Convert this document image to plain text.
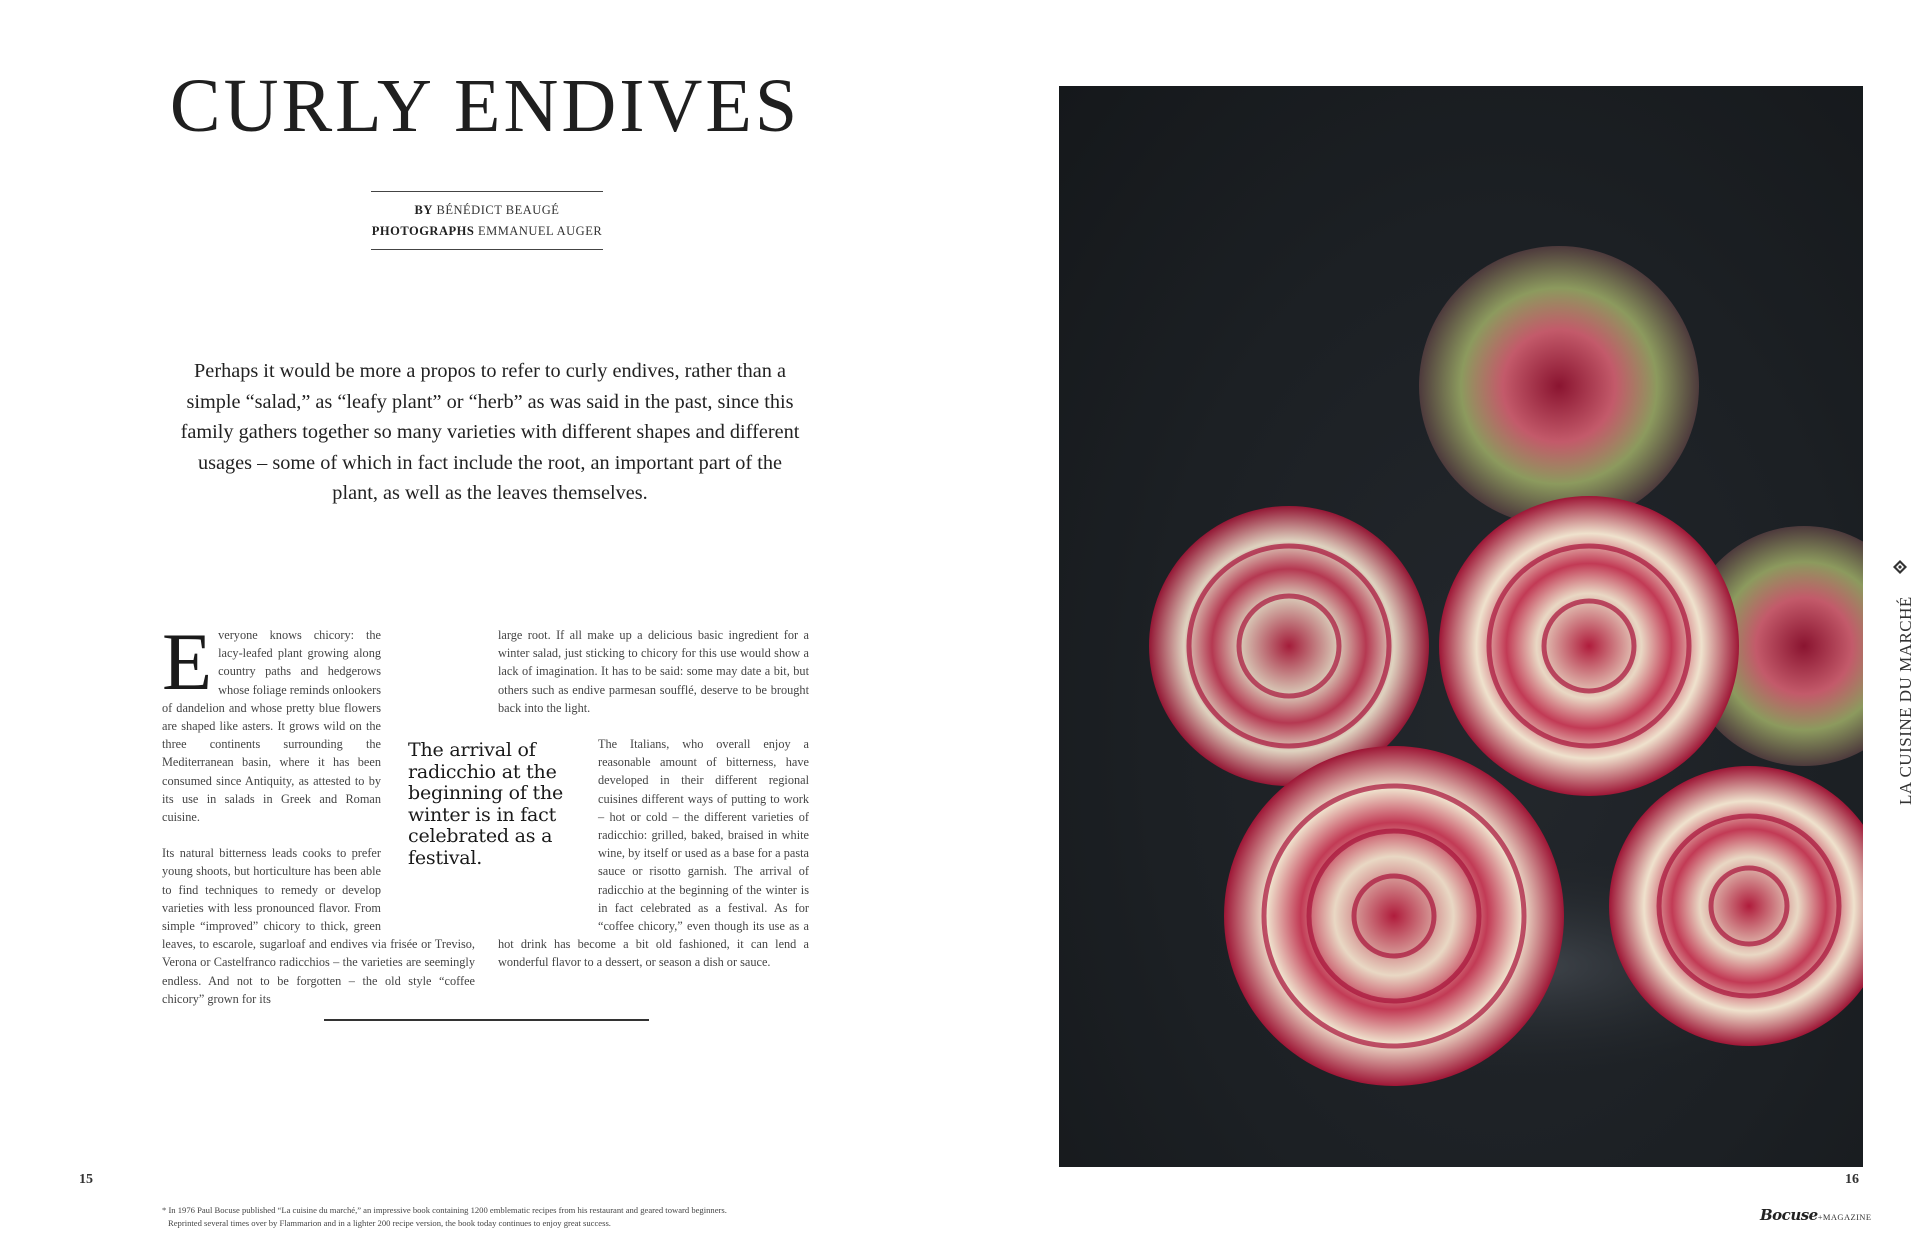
CURLY ENDIVES
BY BÉNÉDICT BEAUGÉ
PHOTOGRAPHS EMMANUEL AUGER

Perhaps it would be more a propos to refer to curly endives, rather than a simple “salad,” as “leafy plant” or “herb” as was said in the past, since this family gathers together so many varieties with different shapes and different usages – some of which in fact include the root, an important part of the plant, as well as the leaves themselves.

E veryone knows chicory: the lacy-leafed plant growing along country paths and hedgerows whose foliage reminds onlookers of dandelion and whose pretty blue flowers are shaped like asters. It grows wild on the three continents surrounding the Mediterranean basin, where it has been consumed since Antiquity, as attested to by its use in salads in Greek and Roman cuisine.

Its natural bitterness leads cooks to prefer young shoots, but horticulture has been able to find techniques to remedy or develop varieties with less pronounced flavor. From simple “improved” chicory to thick, green leaves, to escarole, sugarloaf and endives via frisée or Treviso, Verona or Castelfranco radicchios – the varieties are seemingly endless. And not to be forgotten – the old style “coffee chicory” grown for its

large root. If all make up a delicious basic ingredient for a winter salad, just sticking to chicory for this use would show a lack of imagination. It has to be said: some may date a bit, but others such as endive parmesan soufflé, deserve to be brought back into the light.

The Italians, who overall enjoy a reasonable amount of bitterness, have developed in their different regional cuisines different ways of putting to work – hot or cold – the different varieties of radicchio: grilled, baked, braised in white wine, by itself or used as a base for a pasta sauce or risotto garnish. The arrival of radicchio at the beginning of the winter is in fact celebrated as a festival. As for “coffee chicory,” even though its use as a hot drink has become a bit old fashioned, it can lend a wonderful flavor to a dessert, or season a dish or sauce.

The arrival of radicchio at the beginning of the winter is in fact celebrated as a festival.
LA CUISINE DU MARCHÉ
15	16
* In 1976 Paul Bocuse published “La cuisine du marché,” an impressive book containing 1200 emblematic recipes from his restaurant and geared toward beginners.
Reprinted several times over by Flammarion and in a lighter 200 recipe version, the book today continues to enjoy great success.	Bocuse+MAGAZINE
